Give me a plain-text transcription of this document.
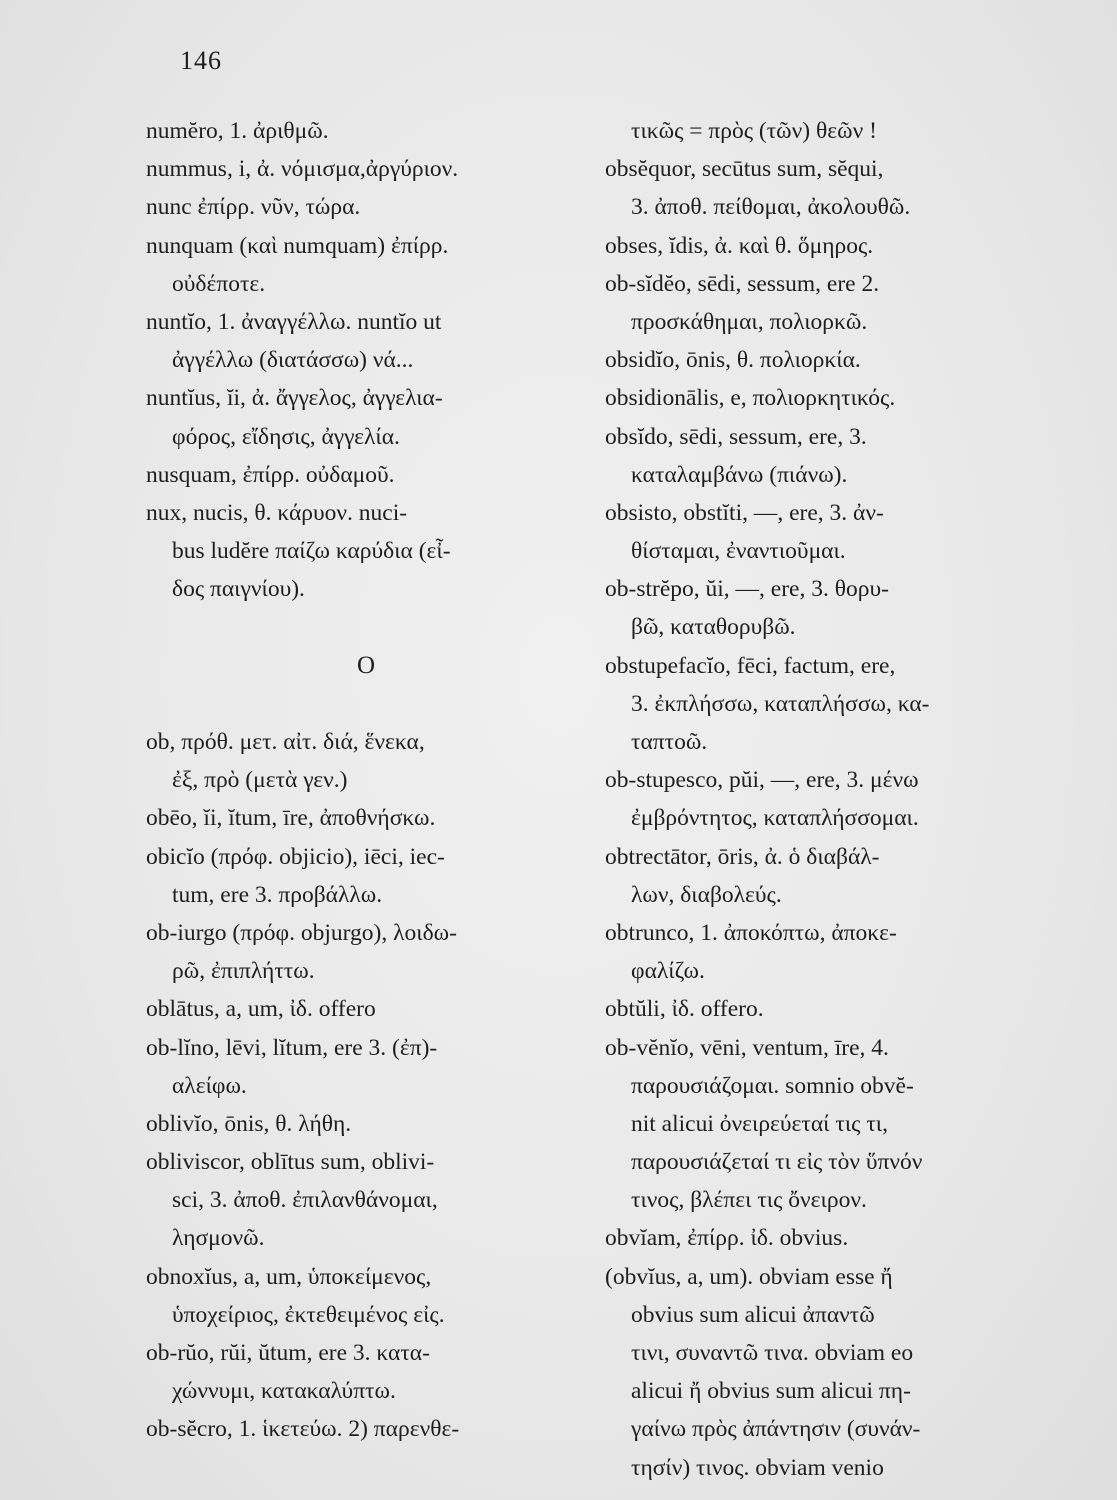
146
numĕro, 1. ἀριθμῶ.
nummus, i, ἀ. νόμισμα,ἀργύριον.
nunc ἐπίρρ. νῦν, τώρα.
nunquam (καὶ numquam) ἐπίρρ.
οὐδέποτε.
nuntĭo, 1. ἀναγγέλλω. nuntĭo ut
ἀγγέλλω (διατάσσω) νά...
nuntĭus, ĭi, ἀ. ἄγγελος, ἀγγελια-
φόρος, εἴδησις, ἀγγελία.
nusquam, ἐπίρρ. οὐδαμοῦ.
nux, nucis, θ. κάρυον. nuci-
bus ludĕre παίζω καρύδια (εἶ-
δος παιγνίου).
O
ob, πρόθ. μετ. αἰτ. διά, ἕνεκα,
ἐξ, πρὸ (μετὰ γεν.)
obēo, ĭi, ĭtum, īre, ἀποθνήσκω.
obicĭo (πρόφ. objicio), iēci, iec-
tum, ere 3. προβάλλω.
ob-iurgo (πρόφ. objurgo), λοιδω-
ρῶ, ἐπιπλήττω.
oblātus, a, um, ἰδ. offero
ob-lĭno, lēvi, lĭtum, ere 3. (ἐπ)-
αλείφω.
oblivĭo, ōnis, θ. λήθη.
obliviscor, oblītus sum, oblivi-
sci, 3. ἀποθ. ἐπιλανθάνομαι,
λησμονῶ.
obnoxĭus, a, um, ὑποκείμενος,
ὑποχείριος, ἐκτεθειμένος εἰς.
ob-rŭo, rŭi, ŭtum, ere 3. κατα-
χώννυμι, κατακαλύπτω.
ob-sĕcro, 1. ἱκετεύω. 2) παρενθε-
τικῶς = πρὸς (τῶν) θεῶν !
obsĕquor, secūtus sum, sĕqui,
3. ἀποθ. πείθομαι, ἀκολουθῶ.
obses, ĭdis, ἀ. καὶ θ. ὅμηρος.
ob-sĭdĕo, sēdi, sessum, ere 2.
προσκάθημαι, πολιορκῶ.
obsidĭo, ōnis, θ. πολιορκία.
obsidionālis, e, πολιορκητικός.
obsĭdo, sēdi, sessum, ere, 3.
καταλαμβάνω (πιάνω).
obsisto, obstĭti, —, ere, 3. ἀν-
θίσταμαι, ἐναντιοῦμαι.
ob-strĕpo, ŭi, —, ere, 3. θορυ-
βῶ, καταθορυβῶ.
obstupefacĭo, fēci, factum, ere,
3. ἐκπλήσσω, καταπλήσσω, κα-
ταπτοῶ.
ob-stupesco, pŭi, —, ere, 3. μένω
ἐμβρόντητος, καταπλήσσομαι.
obtrectātor, ōris, ἀ. ὁ διαβάλ-
λων, διαβολεύς.
obtrunco, 1. ἀποκόπτω, ἀποκε-
φαλίζω.
obtŭli, ἰδ. offero.
ob-vĕnĭo, vēni, ventum, īre, 4.
παρουσιάζομαι. somnio obvĕ-
nit alicui ὀνειρεύεταί τις τι,
παρουσιάζεταί τι εἰς τὸν ὕπνόν
τινος, βλέπει τις ὄνειρον.
obvĭam, ἐπίρρ. ἰδ. obvius.
(obvĭus, a, um). obviam esse ἤ
obvius sum alicui ἀπαντῶ
τινι, συναντῶ τινα. obviam eo
alicui ἤ obvius sum alicui πη-
γαίνω πρὸς ἀπάντησιν (συνάν-
τησίν) τινος. obviam venio
